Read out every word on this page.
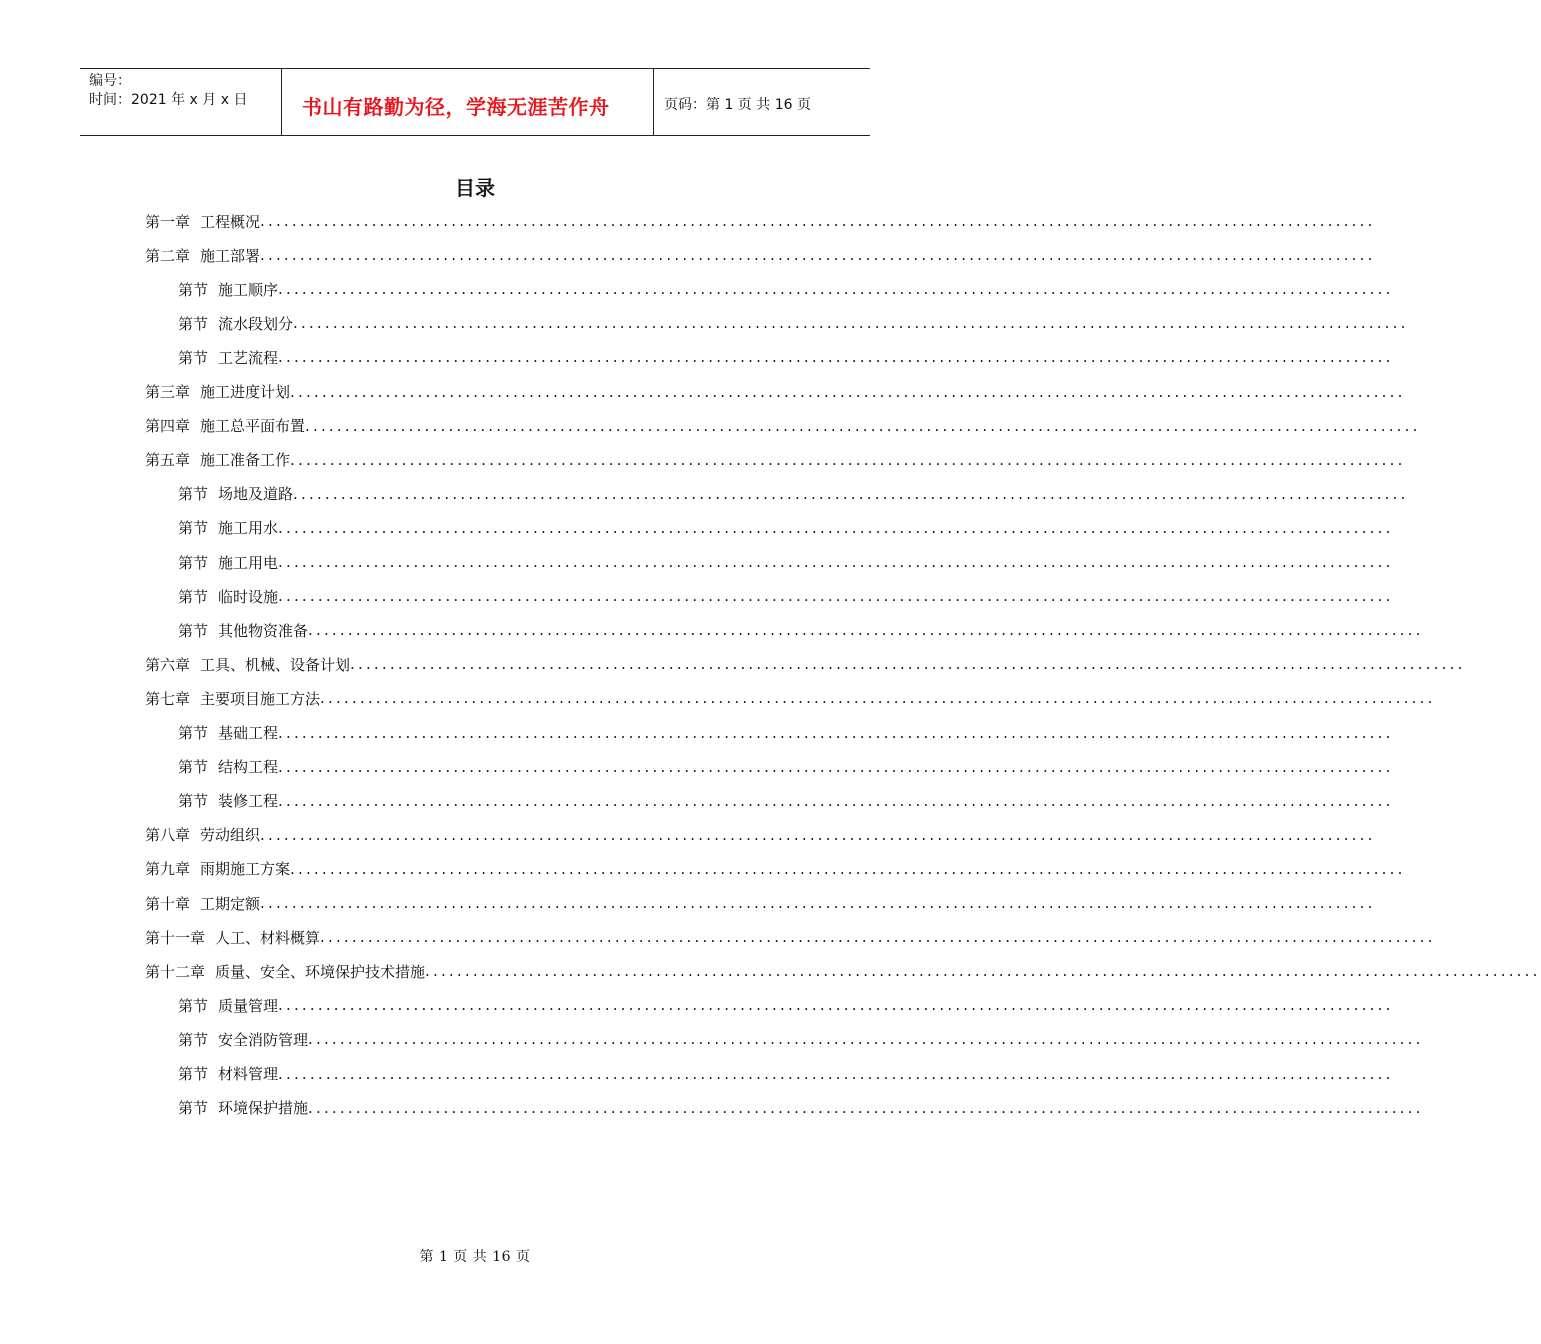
编号：
时间：2021 年 x 月 x 日	书山有路勤为径，学海无涯苦作舟	页码：第 1 页 共 16 页
目录
第一章 工程概况 ............................................................................................................................................
第二章 施工部署 ............................................................................................................................................
第节 施工顺序 ............................................................................................................................................
第节 流水段划分 ............................................................................................................................................
第节 工艺流程 ............................................................................................................................................
第三章 施工进度计划 ............................................................................................................................................
第四章 施工总平面布置 ............................................................................................................................................
第五章 施工准备工作 ............................................................................................................................................
第节 场地及道路 ............................................................................................................................................
第节 施工用水 ............................................................................................................................................
第节 施工用电 ............................................................................................................................................
第节 临时设施 ............................................................................................................................................
第节 其他物资准备 ............................................................................................................................................
第六章 工具、机械、设备计划 ............................................................................................................................................
第七章 主要项目施工方法 ............................................................................................................................................
第节 基础工程 ............................................................................................................................................
第节 结构工程 ............................................................................................................................................
第节 装修工程 ............................................................................................................................................
第八章 劳动组织 ............................................................................................................................................
第九章 雨期施工方案 ............................................................................................................................................
第十章 工期定额 ............................................................................................................................................
第十一章 人工、材料概算 ............................................................................................................................................
第十二章 质量、安全、环境保护技术措施 ............................................................................................................................................
第节 质量管理 ............................................................................................................................................
第节 安全消防管理 ............................................................................................................................................
第节 材料管理 ............................................................................................................................................
第节 环境保护措施 ............................................................................................................................................
第 1 页 共 16 页
